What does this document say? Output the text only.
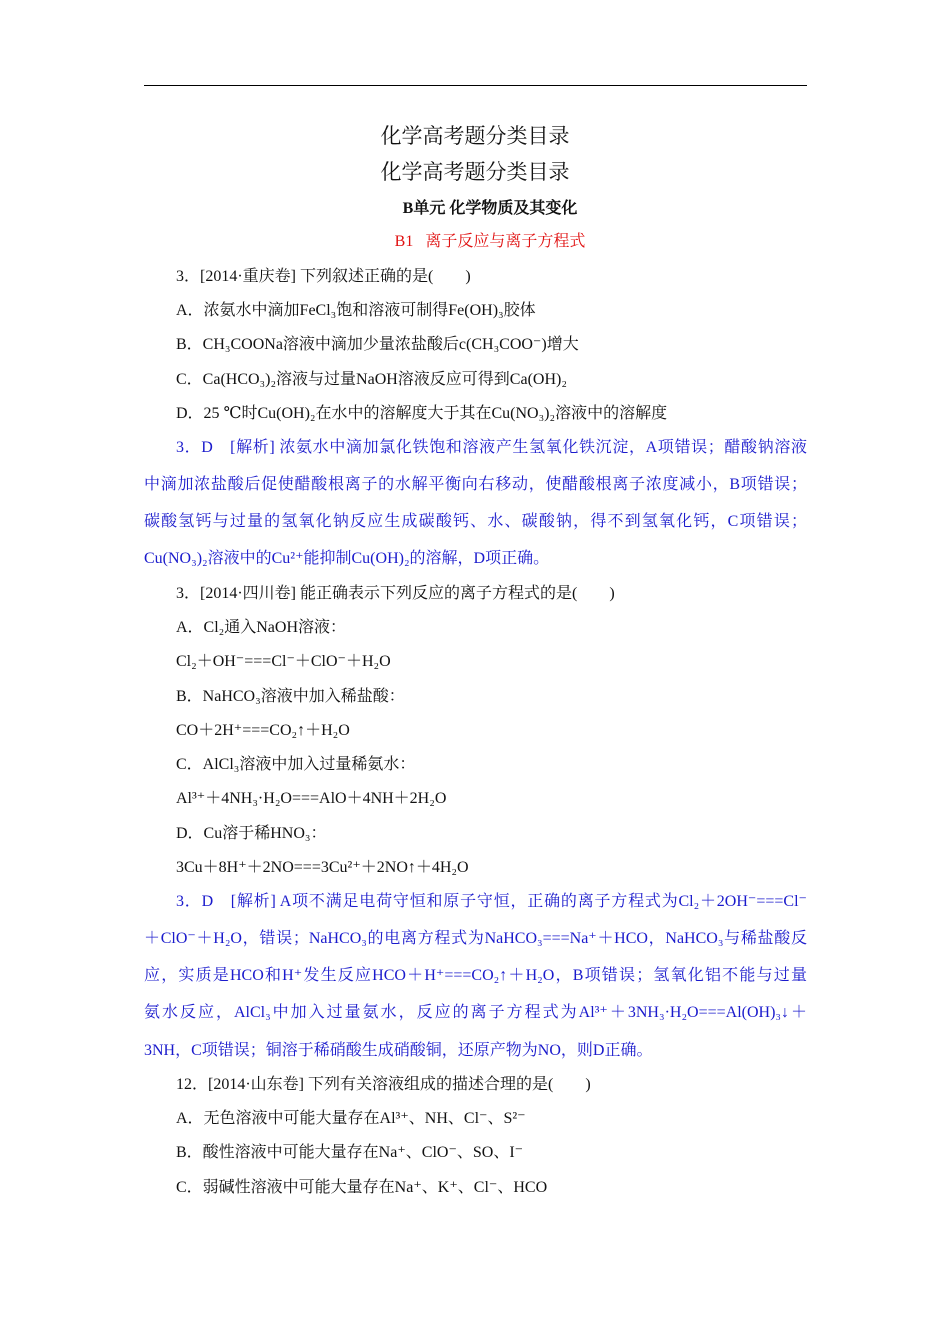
化学高考题分类目录
化学高考题分类目录
B单元 化学物质及其变化
B1 离子反应与离子方程式
3．[2014·重庆卷] 下列叙述正确的是(　　)
A．浓氨水中滴加FeCl₃饱和溶液可制得Fe(OH)₃胶体
B．CH₃COONa溶液中滴加少量浓盐酸后c(CH₃COO⁻)增大
C．Ca(HCO₃)₂溶液与过量NaOH溶液反应可得到Ca(OH)₂
D．25 ℃时Cu(OH)₂在水中的溶解度大于其在Cu(NO₃)₂溶液中的溶解度
3．D　[解析] 浓氨水中滴加氯化铁饱和溶液产生氢氧化铁沉淀，A项错误；醋酸钠溶液
中滴加浓盐酸后促使醋酸根离子的水解平衡向右移动，使醋酸根离子浓度减小，B项错误；
碳酸氢钙与过量的氢氧化钠反应生成碳酸钙、水、碳酸钠，得不到氢氧化钙，C项错误；
Cu(NO₃)₂溶液中的Cu²⁺能抑制Cu(OH)₂的溶解，D项正确。
3．[2014·四川卷] 能正确表示下列反应的离子方程式的是(　　)
A．Cl₂通入NaOH溶液：
Cl₂＋OH⁻===Cl⁻＋ClO⁻＋H₂O
B．NaHCO₃溶液中加入稀盐酸：
CO＋2H⁺===CO₂↑＋H₂O
C．AlCl₃溶液中加入过量稀氨水：
Al³⁺＋4NH₃·H₂O===AlO＋4NH＋2H₂O
D．Cu溶于稀HNO₃：
3Cu＋8H⁺＋2NO===3Cu²⁺＋2NO↑＋4H₂O
3．D　[解析] A项不满足电荷守恒和原子守恒，正确的离子方程式为Cl₂＋2OH⁻===Cl⁻
＋ClO⁻＋H₂O，错误；NaHCO₃的电离方程式为NaHCO₃===Na⁺＋HCO，NaHCO₃与稀盐酸反
应，实质是HCO和H⁺发生反应HCO＋H⁺===CO₂↑＋H₂O，B项错误；氢氧化铝不能与过量
氨水反应，AlCl₃中加入过量氨水，反应的离子方程式为Al³⁺＋3NH₃·H₂O===Al(OH)₃↓＋
3NH，C项错误；铜溶于稀硝酸生成硝酸铜，还原产物为NO，则D正确。
12．[2014·山东卷] 下列有关溶液组成的描述合理的是(　　)
A．无色溶液中可能大量存在Al³⁺、NH、Cl⁻、S²⁻
B．酸性溶液中可能大量存在Na⁺、ClO⁻、SO、I⁻
C．弱碱性溶液中可能大量存在Na⁺、K⁺、Cl⁻、HCO
